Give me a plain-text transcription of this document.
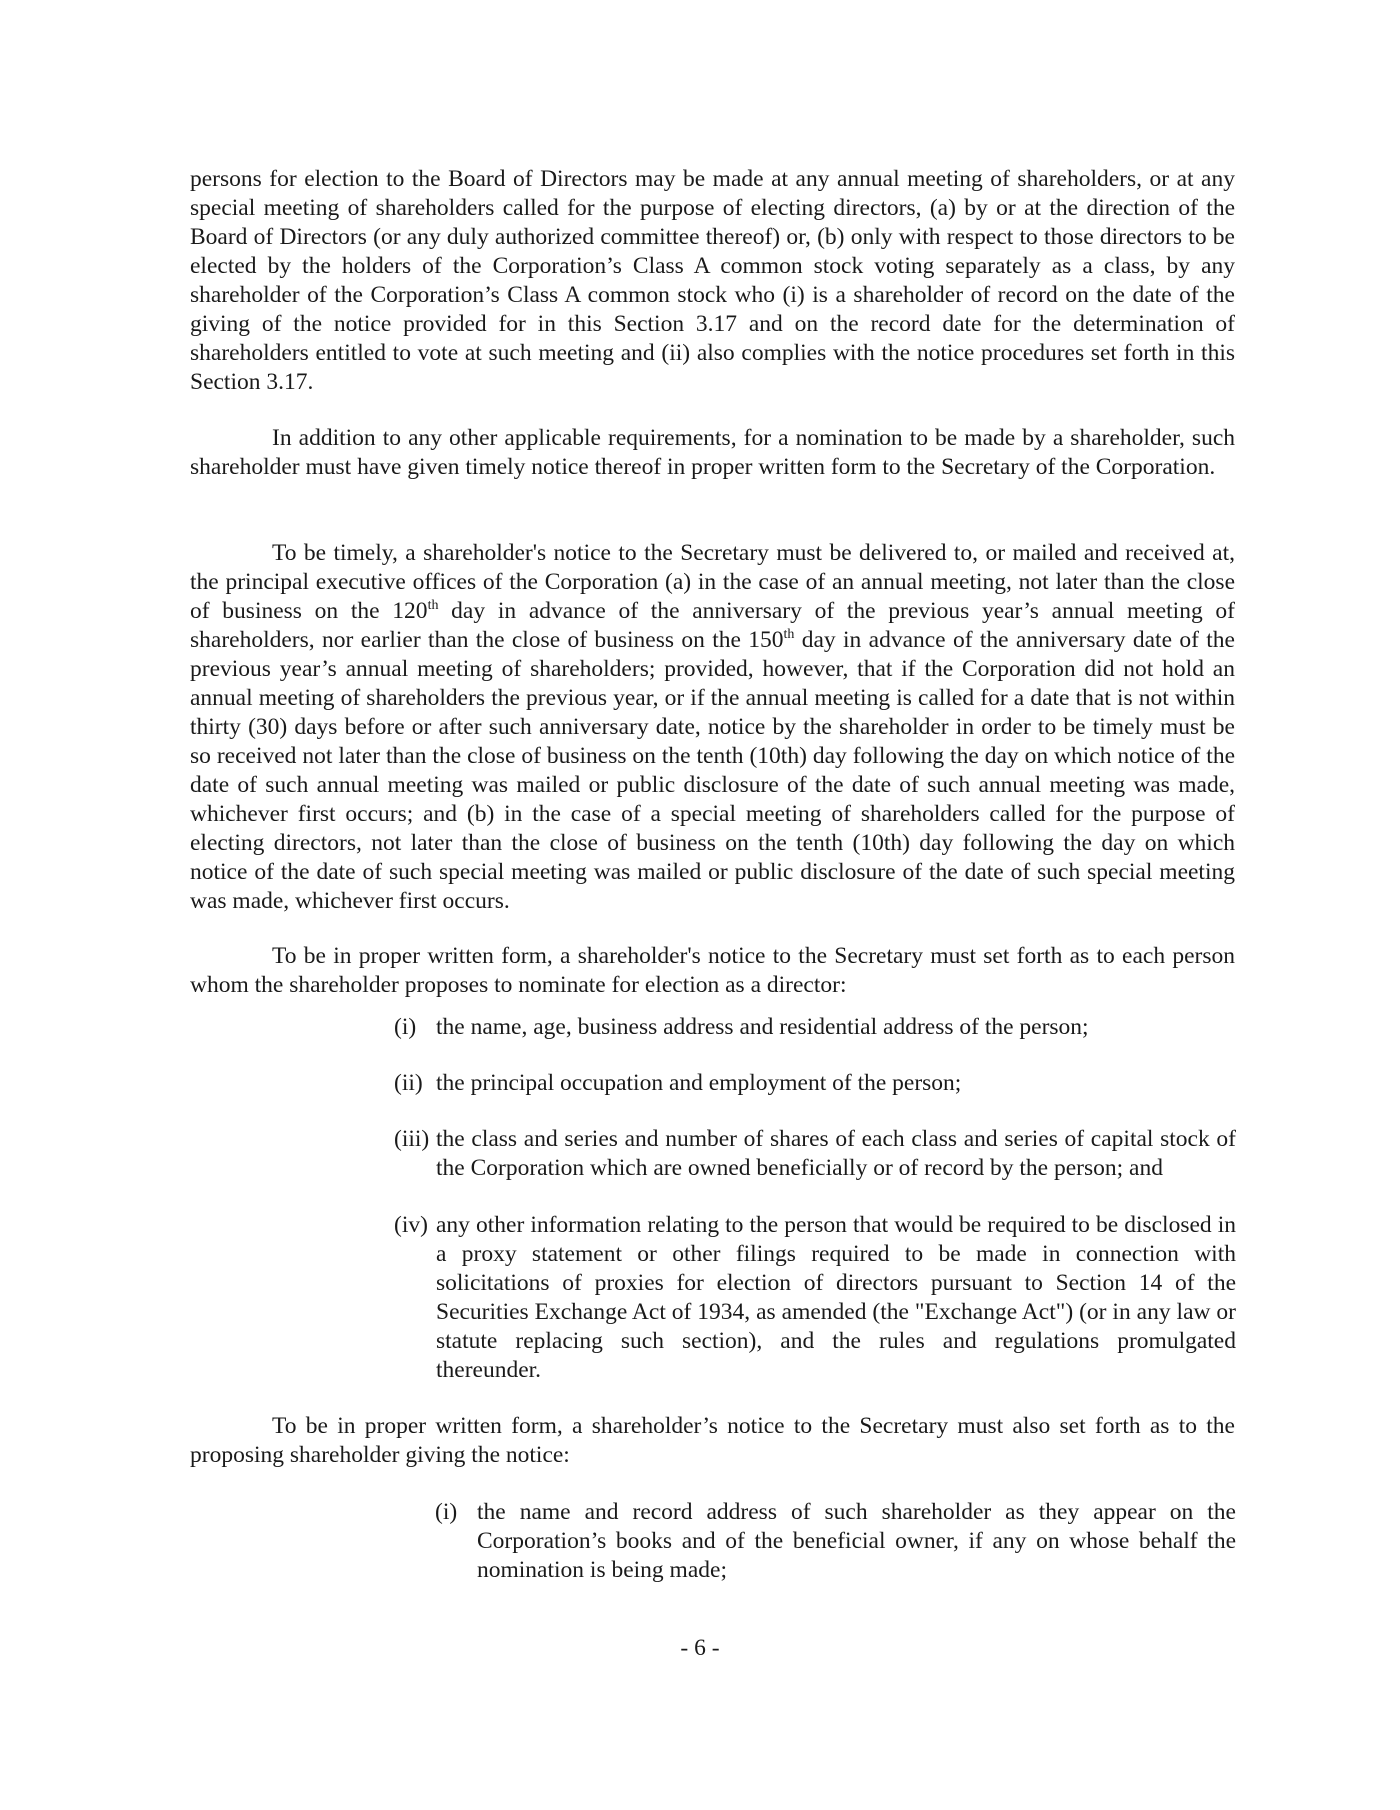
persons for election to the Board of Directors may be made at any annual meeting of shareholders, or at any special meeting of shareholders called for the purpose of electing directors, (a) by or at the direction of the Board of Directors (or any duly authorized committee thereof) or, (b) only with respect to those directors to be elected by the holders of the Corporation’s Class A common stock voting separately as a class, by any shareholder of the Corporation’s Class A common stock who (i) is a shareholder of record on the date of the giving of the notice provided for in this Section 3.17 and on the record date for the determination of shareholders entitled to vote at such meeting and (ii) also complies with the notice procedures set forth in this Section 3.17.

In addition to any other applicable requirements, for a nomination to be made by a shareholder, such shareholder must have given timely notice thereof in proper written form to the Secretary of the Corporation.

To be timely, a shareholder's notice to the Secretary must be delivered to, or mailed and received at, the principal executive offices of the Corporation (a) in the case of an annual meeting, not later than the close of business on the 120th day in advance of the anniversary of the previous year’s annual meeting of shareholders, nor earlier than the close of business on the 150th day in advance of the anniversary date of the previous year’s annual meeting of shareholders; provided, however, that if the Corporation did not hold an annual meeting of shareholders the previous year, or if the annual meeting is called for a date that is not within thirty (30) days before or after such anniversary date, notice by the shareholder in order to be timely must be so received not later than the close of business on the tenth (10th) day following the day on which notice of the date of such annual meeting was mailed or public disclosure of the date of such annual meeting was made, whichever first occurs; and (b) in the case of a special meeting of shareholders called for the purpose of electing directors, not later than the close of business on the tenth (10th) day following the day on which notice of the date of such special meeting was mailed or public disclosure of the date of such special meeting was made, whichever first occurs.

To be in proper written form, a shareholder's notice to the Secretary must set forth as to each person whom the shareholder proposes to nominate for election as a director:

(i) the name, age, business address and residential address of the person;
(ii) the principal occupation and employment of the person;
(iii) the class and series and number of shares of each class and series of capital stock of the Corporation which are owned beneficially or of record by the person; and
(iv) any other information relating to the person that would be required to be disclosed in a proxy statement or other filings required to be made in connection with solicitations of proxies for election of directors pursuant to Section 14 of the Securities Exchange Act of 1934, as amended (the "Exchange Act") (or in any law or statute replacing such section), and the rules and regulations promulgated thereunder.

To be in proper written form, a shareholder’s notice to the Secretary must also set forth as to the proposing shareholder giving the notice:

(i) the name and record address of such shareholder as they appear on the Corporation’s books and of the beneficial owner, if any on whose behalf the nomination is being made;
- 6 -
